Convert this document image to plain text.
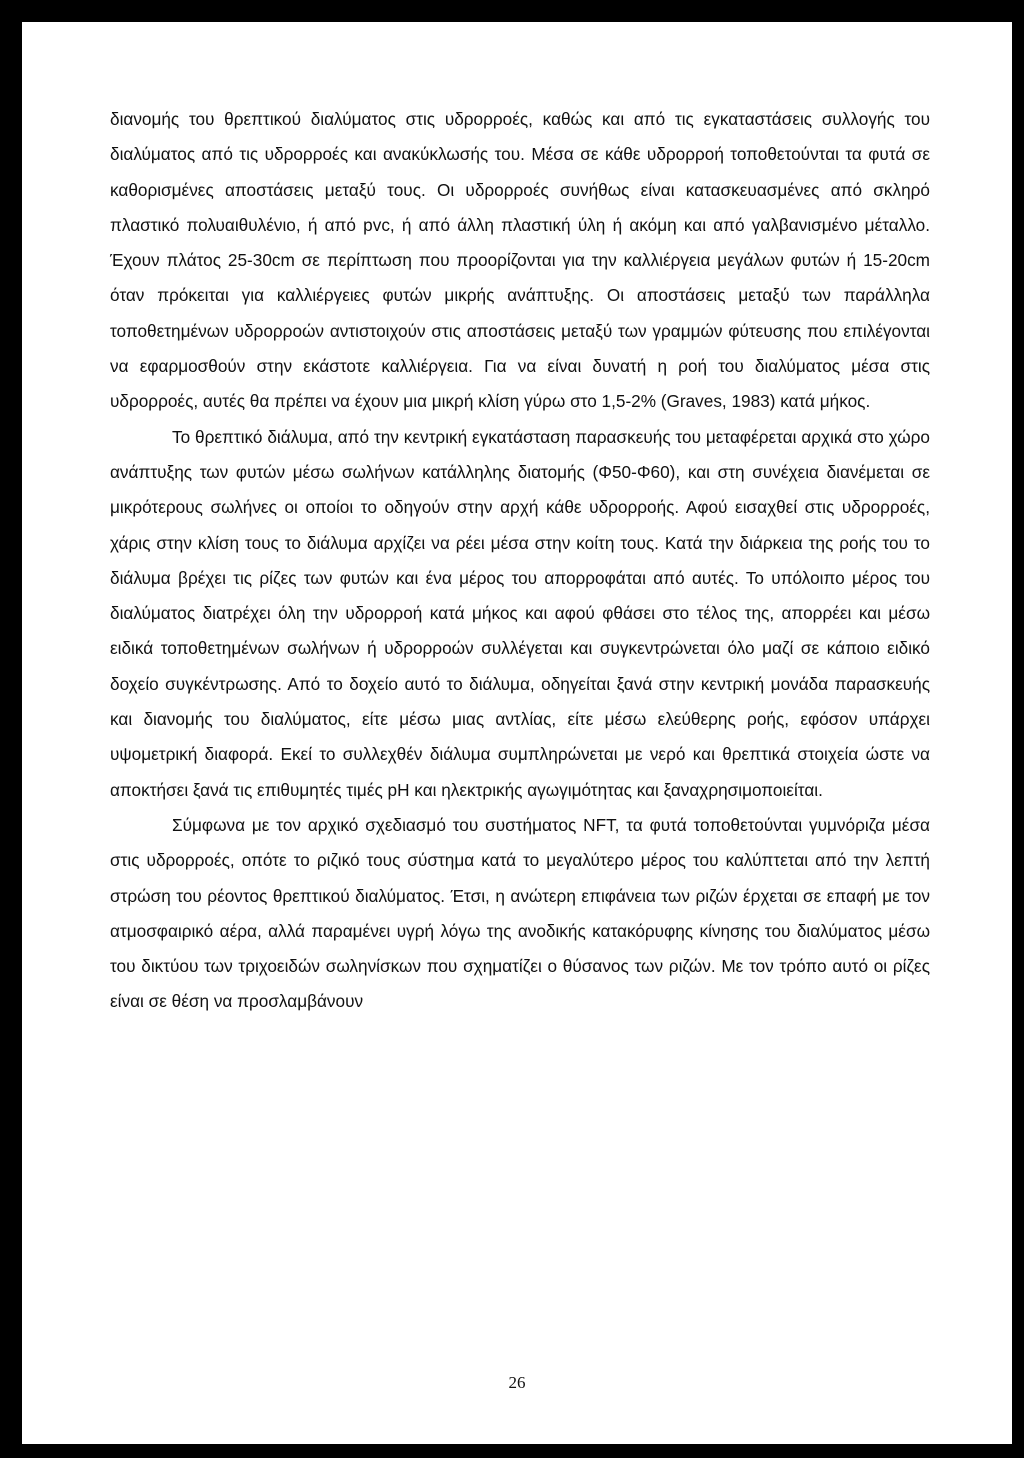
διανομής του θρεπτικού διαλύματος στις υδρορροές, καθώς και από τις εγκαταστάσεις συλλογής του διαλύματος από τις υδρορροές και ανακύκλωσής του. Μέσα σε κάθε υδρορροή τοποθετούνται τα φυτά σε καθορισμένες αποστάσεις μεταξύ τους. Οι υδρορροές συνήθως είναι κατασκευασμένες από σκληρό πλαστικό πολυαιθυλένιο, ή από pvc, ή από άλλη πλαστική ύλη ή ακόμη και από γαλβανισμένο μέταλλο. Έχουν πλάτος 25-30cm σε περίπτωση που προορίζονται για την καλλιέργεια μεγάλων φυτών ή 15-20cm όταν πρόκειται για καλλιέργειες φυτών μικρής ανάπτυξης. Οι αποστάσεις μεταξύ των παράλληλα τοποθετημένων υδρορροών αντιστοιχούν στις αποστάσεις μεταξύ των γραμμών φύτευσης που επιλέγονται να εφαρμοσθούν στην εκάστοτε καλλιέργεια. Για να είναι δυνατή η ροή του διαλύματος μέσα στις υδρορροές, αυτές θα πρέπει να έχουν μια μικρή κλίση γύρω στο 1,5-2% (Graves, 1983) κατά μήκος.

Το θρεπτικό διάλυμα, από την κεντρική εγκατάσταση παρασκευής του μεταφέρεται αρχικά στο χώρο ανάπτυξης των φυτών μέσω σωλήνων κατάλληλης διατομής (Φ50-Φ60), και στη συνέχεια διανέμεται σε μικρότερους σωλήνες οι οποίοι το οδηγούν στην αρχή κάθε υδρορροής. Αφού εισαχθεί στις υδρορροές, χάρις στην κλίση τους το διάλυμα αρχίζει να ρέει μέσα στην κοίτη τους. Κατά την διάρκεια της ροής του το διάλυμα βρέχει τις ρίζες των φυτών και ένα μέρος του απορροφάται από αυτές. Το υπόλοιπο μέρος του διαλύματος διατρέχει όλη την υδρορροή κατά μήκος και αφού φθάσει στο τέλος της, απορρέει και μέσω ειδικά τοποθετημένων σωλήνων ή υδρορροών συλλέγεται και συγκεντρώνεται όλο μαζί σε κάποιο ειδικό δοχείο συγκέντρωσης. Από το δοχείο αυτό το διάλυμα, οδηγείται ξανά στην κεντρική μονάδα παρασκευής και διανομής του διαλύματος, είτε μέσω μιας αντλίας, είτε μέσω ελεύθερης ροής, εφόσον υπάρχει υψομετρική διαφορά. Εκεί το συλλεχθέν διάλυμα συμπληρώνεται με νερό και θρεπτικά στοιχεία ώστε να αποκτήσει ξανά τις επιθυμητές τιμές pH και ηλεκτρικής αγωγιμότητας και ξαναχρησιμοποιείται.

Σύμφωνα με τον αρχικό σχεδιασμό του συστήματος NFT, τα φυτά τοποθετούνται γυμνόριζα μέσα στις υδρορροές, οπότε το ριζικό τους σύστημα κατά το μεγαλύτερο μέρος του καλύπτεται από την λεπτή στρώση του ρέοντος θρεπτικού διαλύματος. Έτσι, η ανώτερη επιφάνεια των ριζών έρχεται σε επαφή με τον ατμοσφαιρικό αέρα, αλλά παραμένει υγρή λόγω της ανοδικής κατακόρυφης κίνησης του διαλύματος μέσω του δικτύου των τριχοειδών σωληνίσκων που σχηματίζει ο θύσανος των ριζών. Με τον τρόπο αυτό οι ρίζες είναι σε θέση να προσλαμβάνουν

26
